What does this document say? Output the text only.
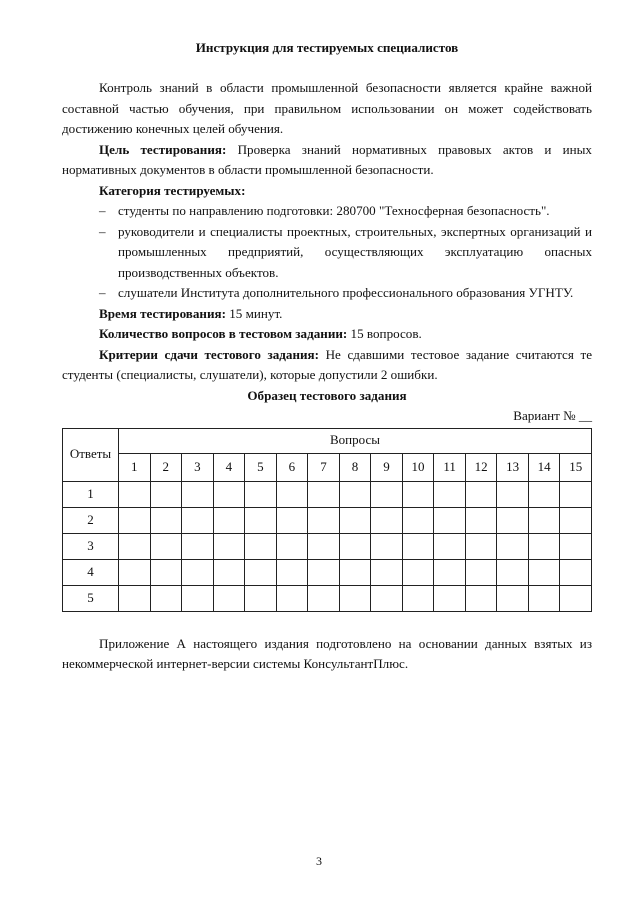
Инструкция для тестируемых специалистов

Контроль знаний в области промышленной безопасности является крайне важной составной частью обучения, при правильном использовании он может содействовать достижению конечных целей обучения.

Цель тестирования: Проверка знаний нормативных правовых актов и иных нормативных документов в области промышленной безопасности.

Категория тестируемых:
– студенты по направлению подготовки: 280700 "Техносферная безопасность".
– руководители и специалисты проектных, строительных, экспертных организаций и промышленных предприятий, осуществляющих эксплуатацию опасных производственных объектов.
– слушатели Института дополнительного профессионального образования УГНТУ.

Время тестирования: 15 минут.

Количество вопросов в тестовом задании: 15 вопросов.

Критерии сдачи тестового задания: Не сдавшими тестовое задание считаются те студенты (специалисты, слушатели), которые допустили 2 ошибки.

Образец тестового задания
Вариант № __
Ответы	Вопросы														
	1	2	3	4	5	6	7	8	9	10	11	12	13	14	15
1															
2															
3															
4															
5															

Приложение А настоящего издания подготовлено на основании данных взятых из некоммерческой интернет-версии системы КонсультантПлюс.

3
